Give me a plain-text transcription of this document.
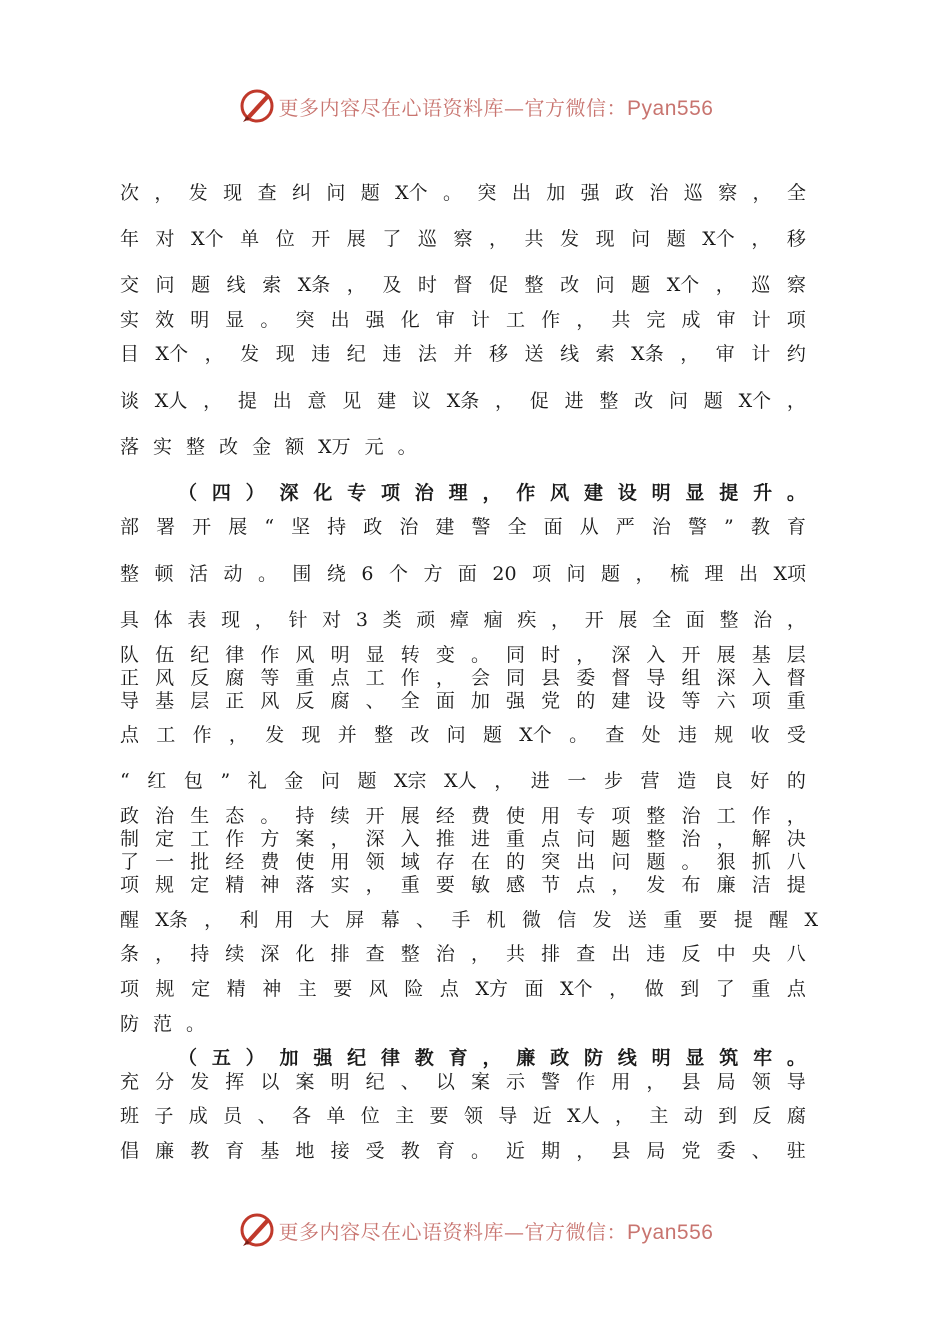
更多内容尽在心语资料库—官方微信：Pyan556
次 ， 发 现 查 纠 问 题 X个 。 突 出 加 强 政 治 巡 察 ， 全
年 对 X个 单 位 开 展 了 巡 察 ， 共 发 现 问 题 X个 ， 移
交 问 题 线 索 X条 ， 及 时 督 促 整 改 问 题 X个 ， 巡 察
实 效 明 显 。 突 出 强 化 审 计 工 作 ， 共 完 成 审 计 项
目 X个 ， 发 现 违 纪 违 法 并 移 送 线 索 X条 ， 审 计 约
谈 X人 ， 提 出 意 见 建 议 X条 ， 促 进 整 改 问 题 X个 ，
落 实 整 改 金 额 X万 元 。
（ 四 ） 深 化 专 项 治 理 ， 作 风 建 设 明 显 提 升 。
部 署 开 展 “ 坚 持 政 治 建 警 全 面 从 严 治 警 ” 教 育
整 顿 活 动 。 围 绕 6 个 方 面 20 项 问 题 ， 梳 理 出 X项
具 体 表 现 ， 针 对 3 类 顽 瘴 痼 疾 ， 开 展 全 面 整 治 ，
队 伍 纪 律 作 风 明 显 转 变 。 同 时 ， 深 入 开 展 基 层
正 风 反 腐 等 重 点 工 作 ， 会 同 县 委 督 导 组 深 入 督
导 基 层 正 风 反 腐 、 全 面 加 强 党 的 建 设 等 六 项 重
点 工 作 ， 发 现 并 整 改 问 题 X个 。 查 处 违 规 收 受
“ 红 包 ” 礼 金 问 题 X宗 X人 ， 进 一 步 营 造 良 好 的
政 治 生 态 。 持 续 开 展 经 费 使 用 专 项 整 治 工 作 ，
制 定 工 作 方 案 ， 深 入 推 进 重 点 问 题 整 治 ， 解 决
了 一 批 经 费 使 用 领 域 存 在 的 突 出 问 题 。 狠 抓 八
项 规 定 精 神 落 实 ， 重 要 敏 感 节 点 ， 发 布 廉 洁 提
醒 X条 ， 利 用 大 屏 幕 、 手 机 微 信 发 送 重 要 提 醒 X
条 ， 持 续 深 化 排 查 整 治 ， 共 排 查 出 违 反 中 央 八
项 规 定 精 神 主 要 风 险 点 X方 面 X个 ， 做 到 了 重 点
防 范 。
（ 五 ） 加 强 纪 律 教 育 ， 廉 政 防 线 明 显 筑 牢 。
充 分 发 挥 以 案 明 纪 、 以 案 示 警 作 用 ， 县 局 领 导
班 子 成 员 、 各 单 位 主 要 领 导 近 X人 ， 主 动 到 反 腐
倡 廉 教 育 基 地 接 受 教 育 。 近 期 ， 县 局 党 委 、 驻
更多内容尽在心语资料库—官方微信：Pyan556
